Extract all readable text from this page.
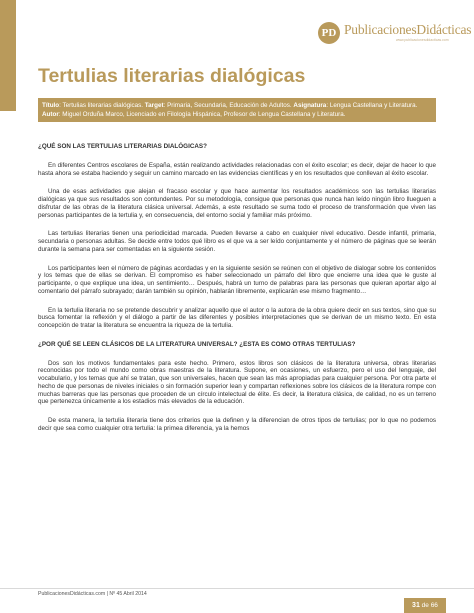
PD PublicacionesDidácticas
www.publicacionesdidacticas.com
Tertulias literarias dialógicas
Título: Tertulias literarias dialógicas. Target: Primaria, Secundaria, Educación de Adultos. Asignatura: Lengua Castellana y Literatura. Autor: Miguel Orduña Marco, Licenciado en Filología Hispánica, Profesor de Lengua Castellana y Literatura.
¿QUÉ SON LAS TERTULIAS LITERARIAS DIALÓGICAS?

En diferentes Centros escolares de España, están realizando actividades relacionadas con el éxito escolar; es decir, dejar de hacer lo que hasta ahora se estaba haciendo y seguir un camino marcado en las evidencias científicas y en los resultados que conllevan al éxito escolar.

Una de esas actividades que alejan el fracaso escolar y que hace aumentar los resultados académicos son las tertulias literarias dialógicas ya que sus resultados son contundentes. Por su metodología, consigue que personas que nunca han leído ningún libro llueguen a disfrutar de las obras de la literatura clásica universal. Además, a este resultado se suma todo el proceso de transformación que viven las personas participantes de la tertulia y, en consecuencia, del entorno social y familiar más próximo.

Las tertulias literarias tienen una periodicidad marcada. Pueden llevarse a cabo en cualquier nivel educativo. Desde infantil, primaria, secundaria o personas adultas. Se decide entre todos qué libro es el que va a ser leído conjuntamente y el número de páginas que se leerán durante la semana para ser comentadas en la siguiente sesión.

Los participantes leen el número de páginas acordadas y en la siguiente sesión se reúnen con el objetivo de dialogar sobre los contenidos y los temas que de ellas se derivan. El compromiso es haber seleccionado un párrafo del libro que encierre una idea que le guste al participante, o que explique una idea, un sentimiento… Después, habrá un turno de palabras para las personas que quieran aportar algo al comentario del párrafo subrayado; darán también su opinión, hablarán libremente, explicarán ese mismo fragmento…

En la tertulia literaria no se pretende descubrir y analizar aquello que el autor o la autora de la obra quiere decir en sus textos, sino que su busca fomentar la reflexión y el diálogo a partir de las diferentes y posibles interpretaciones que se derivan de un mismo texto. En esta concepción de tratar la literatura se encuentra la riqueza de la tertulia.

¿POR QUÉ SE LEEN CLÁSICOS DE LA LITERATURA UNIVERSAL? ¿ESTA ES COMO OTRAS TERTULIAS?

Dos son los motivos fundamentales para este hecho. Primero, estos libros son clásicos de la literatura universa, obras literarias reconocidas por todo el mundo como obras maestras de la literatura. Supone, en ocasiones, un esfuerzo, pero el uso del lenguaje, del vocabulario, y los temas que ahí se tratan, que son universales, hacen que sean las más apropiadas para cualquier persona. Por otra parte el hecho de que personas de niveles iniciales o sin formación superior lean y compartan reflexiones sobre los clásicos de la literatura rompe con muchas barreras que las personas que proceden de un círculo intelectual de élite. Es decir, la literatura clásica, de calidad, no es un terreno que pertenezca únicamente a los estadios más elevados de la educación.

De esta manera, la tertulia literaria tiene dos criterios que la definen y la diferencian de otros tipos de tertulias; por lo que no podemos decir que sea como cualquier otra tertulia: la primea diferencia, ya la hemos

PublicacionesDidácticas.com | Nº 45 Abril 2014
31 de 66
